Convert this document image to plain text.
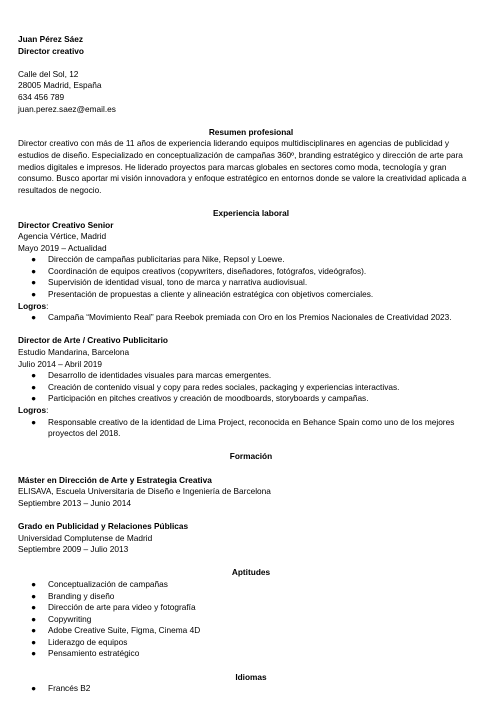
Juan Pérez Sáez
Director creativo
Calle del Sol, 12
28005 Madrid, España
634 456 789
juan.perez.saez@email.es
Resumen profesional
Director creativo con más de 11 años de experiencia liderando equipos multidisciplinares en agencias de publicidad y
estudios de diseño. Especializado en conceptualización de campañas 360º, branding estratégico y dirección de arte para
medios digitales e impresos. He liderado proyectos para marcas globales en sectores como moda, tecnología y gran
consumo. Busco aportar mi visión innovadora y enfoque estratégico en entornos donde se valore la creatividad aplicada a
resultados de negocio.
Experiencia laboral
Director Creativo Senior
Agencia Vértice, Madrid
Mayo 2019 – Actualidad
● Dirección de campañas publicitarias para Nike, Repsol y Loewe.
● Coordinación de equipos creativos (copywriters, diseñadores, fotógrafos, videógrafos).
● Supervisión de identidad visual, tono de marca y narrativa audiovisual.
● Presentación de propuestas a cliente y alineación estratégica con objetivos comerciales.
Logros:
● Campaña “Movimiento Real” para Reebok premiada con Oro en los Premios Nacionales de Creatividad 2023.
Director de Arte / Creativo Publicitario
Estudio Mandarina, Barcelona
Julio 2014 – Abril 2019
● Desarrollo de identidades visuales para marcas emergentes.
● Creación de contenido visual y copy para redes sociales, packaging y experiencias interactivas.
● Participación en pitches creativos y creación de moodboards, storyboards y campañas.
Logros:
● Responsable creativo de la identidad de Lima Project, reconocida en Behance Spain como uno de los mejores
proyectos del 2018.
Formación
Máster en Dirección de Arte y Estrategia Creativa
ELISAVA, Escuela Universitaria de Diseño e Ingeniería de Barcelona
Septiembre 2013 – Junio 2014
Grado en Publicidad y Relaciones Públicas
Universidad Complutense de Madrid
Septiembre 2009 – Julio 2013
Aptitudes
● Conceptualización de campañas
● Branding y diseño
● Dirección de arte para video y fotografía
● Copywriting
● Adobe Creative Suite, Figma, Cinema 4D
● Liderazgo de equipos
● Pensamiento estratégico
Idiomas
● Francés B2
